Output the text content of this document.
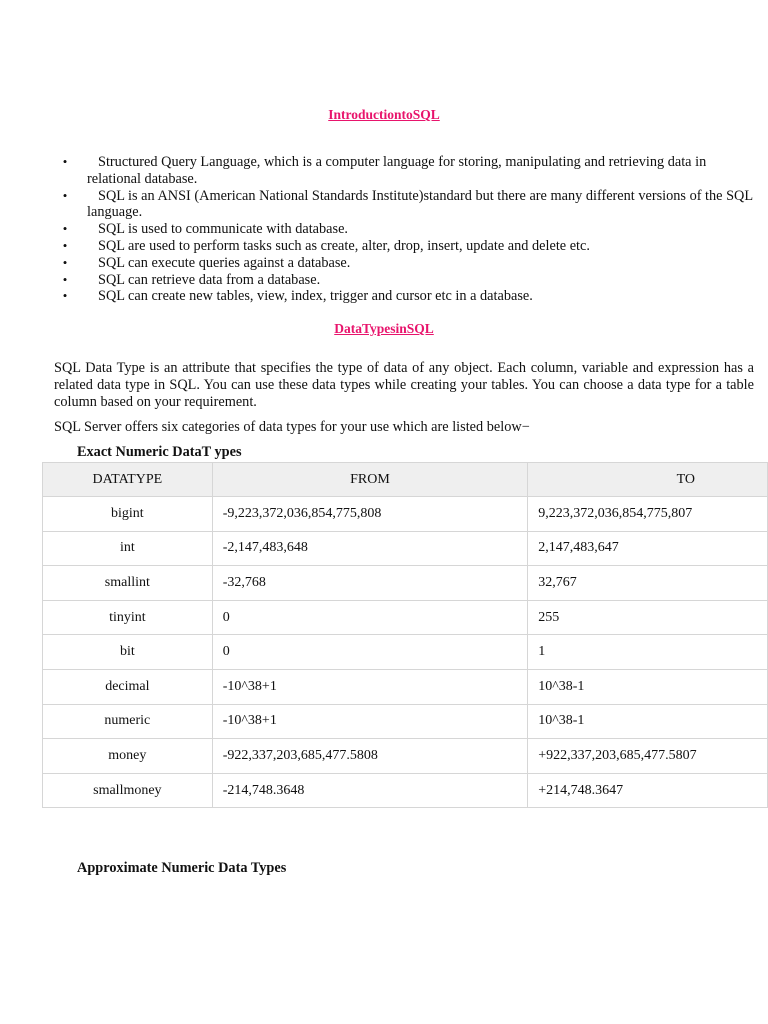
IntroductiontoSQL
•	Structured Query Language, which is a computer language for storing, manipulating and retrieving data in relational database.
•	SQL is an ANSI (American National Standards Institute)standard but there are many different versions of the SQL language.
•	SQL is used to communicate with database.
•	SQL are used to perform tasks such as create, alter, drop, insert, update and delete etc.
•	SQL can execute queries against a database.
•	SQL can retrieve data from a database.
•	SQL can create new tables, view, index, trigger and cursor etc in a database.
DataTypesinSQL
SQL Data Type is an attribute that specifies the type of data of any object. Each column, variable and expression has a related data type in SQL. You can use these data types while creating your tables. You can choose a data type for a table column based on your requirement.
SQL Server offers six categories of data types for your use which are listed below−
Exact Numeric DataT ypes
DATATYPE	FROM	TO
bigint	-9,223,372,036,854,775,808	9,223,372,036,854,775,807
int	-2,147,483,648	2,147,483,647
smallint	-32,768	32,767
tinyint	0	255
bit	0	1
decimal	-10^38+1	10^38-1
numeric	-10^38+1	10^38-1
money	-922,337,203,685,477.5808	+922,337,203,685,477.5807
smallmoney	-214,748.3648	+214,748.3647
Approximate Numeric Data Types
